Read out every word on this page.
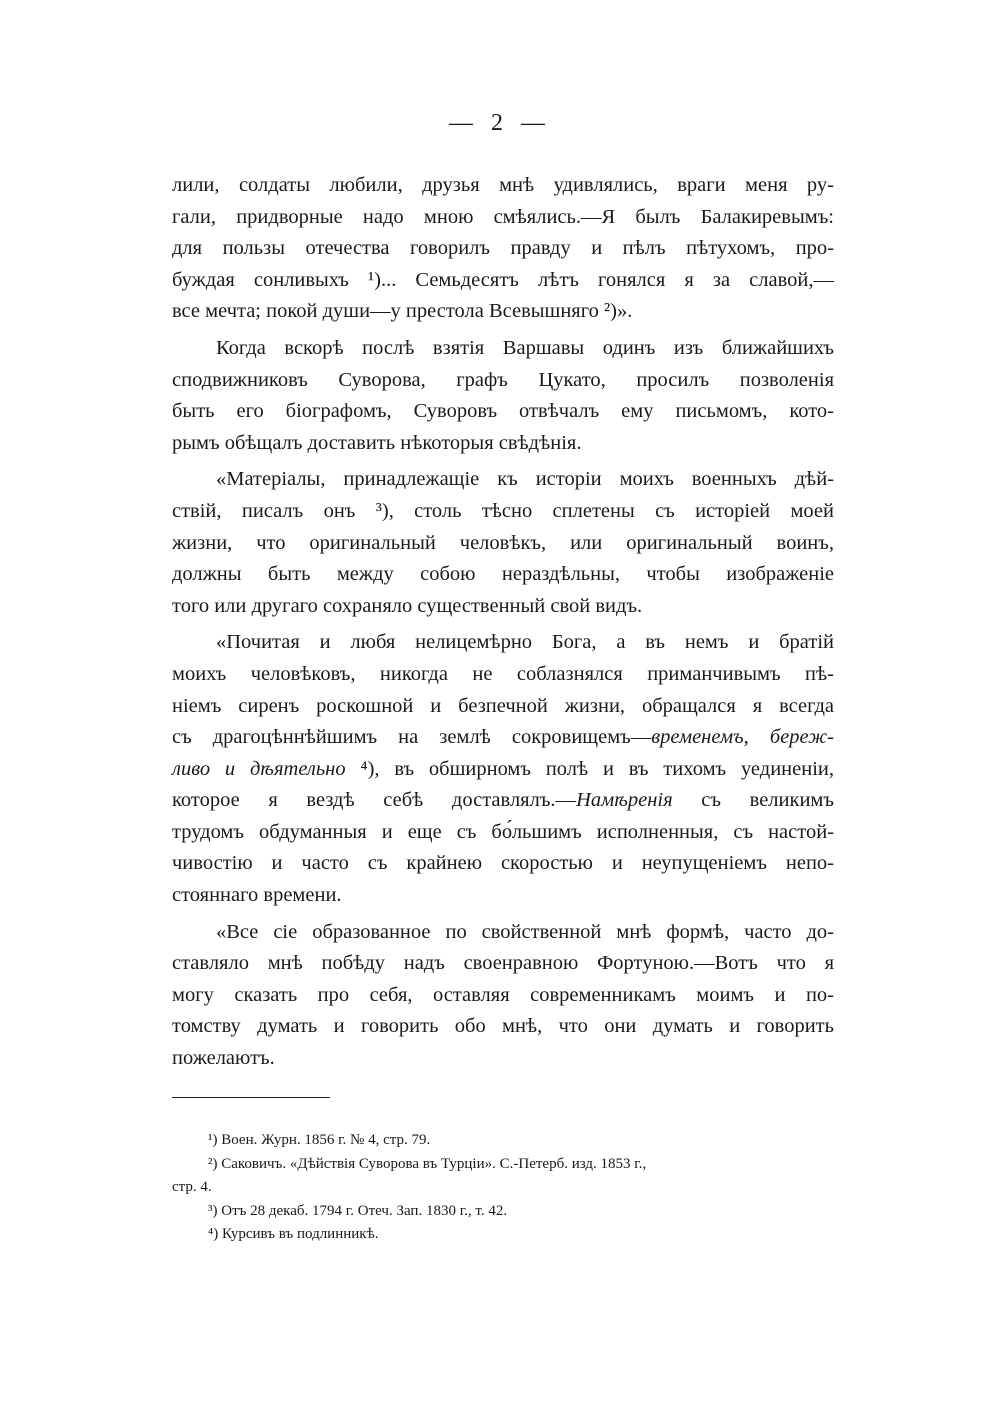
— 2 —
лили, солдаты любили, друзья мнѣ удивлялись, враги меня ру-
гали, придворные надо мною смѣялись.—Я былъ Балакиревымъ:
для пользы отечества говорилъ правду и пѣлъ пѣтухомъ, про-
буждая сонливыхъ ¹)... Семьдесятъ лѣтъ гонялся я за славой,—
все мечта; покой души—у престола Всевышняго ²)».
Когда вскорѣ послѣ взятія Варшавы одинъ изъ ближайшихъ
сподвижниковъ Суворова, графъ Цукато, просилъ позволенія
быть его біографомъ, Суворовъ отвѣчалъ ему письмомъ, кото-
рымъ обѣщалъ доставить нѣкоторыя свѣдѣнія.
«Матеріалы, принадлежащіе къ исторіи моихъ военныхъ дѣй-
ствій, писалъ онъ ³), столь тѣсно сплетены съ исторіей моей
жизни, что оригинальный человѣкъ, или оригинальный воинъ,
должны быть между собою нераздѣльны, чтобы изображеніе
того или другаго сохраняло существенный свой видъ.
«Почитая и любя нелицемѣрно Бога, а въ немъ и братій
моихъ человѣковъ, никогда не соблазнялся приманчивымъ пѣ-
ніемъ сиренъ роскошной и безпечной жизни, обращался я всегда
съ драгоцѣннѣйшимъ на землѣ сокровищемъ—временемъ, береж-
ливо и дѣятельно ⁴), въ обширномъ полѣ и въ тихомъ уединеніи,
которое я вездѣ себѣ доставлялъ.—Намѣренія съ великимъ
трудомъ обдуманныя и еще съ бо́льшимъ исполненныя, съ настой-
чивостію и часто съ крайнею скоростью и неупущеніемъ непо-
стояннаго времени.
«Все сіе образованное по свойственной мнѣ формѣ, часто до-
ставляло мнѣ побѣду надъ своенравною Фортуною.—Вотъ что я
могу сказать про себя, оставляя современникамъ моимъ и по-
томству думать и говорить обо мнѣ, что они думать и говорить
пожелаютъ.
¹) Воен. Журн. 1856 г. № 4, стр. 79.
²) Саковичъ. «Дѣйствія Суворова въ Турціи». С.-Петерб. изд. 1853 г.,
стр. 4.
³) Отъ 28 декаб. 1794 г. Отеч. Зап. 1830 г., т. 42.
⁴) Курсивъ въ подлинникѣ.
